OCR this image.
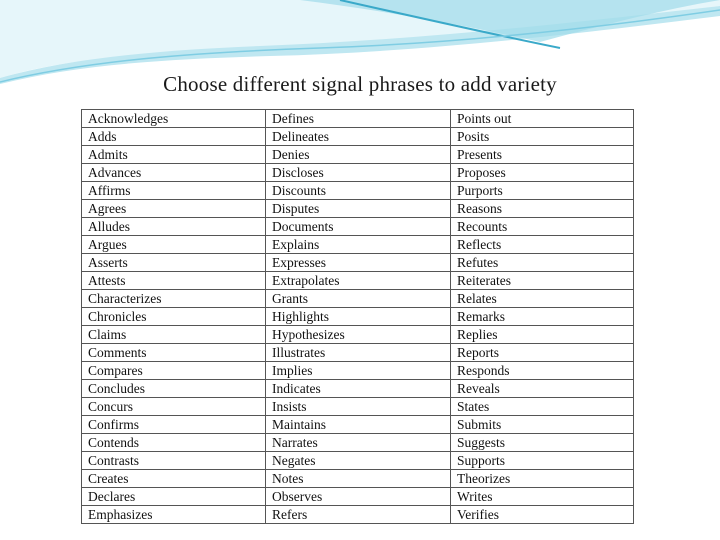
Choose different signal phrases to add variety
Acknowledges	Defines	Points out
Adds	Delineates	Posits
Admits	Denies	Presents
Advances	Discloses	Proposes
Affirms	Discounts	Purports
Agrees	Disputes	Reasons
Alludes	Documents	Recounts
Argues	Explains	Reflects
Asserts	Expresses	Refutes
Attests	Extrapolates	Reiterates
Characterizes	Grants	Relates
Chronicles	Highlights	Remarks
Claims	Hypothesizes	Replies
Comments	Illustrates	Reports
Compares	Implies	Responds
Concludes	Indicates	Reveals
Concurs	Insists	States
Confirms	Maintains	Submits
Contends	Narrates	Suggests
Contrasts	Negates	Supports
Creates	Notes	Theorizes
Declares	Observes	Writes
Emphasizes	Refers	Verifies
